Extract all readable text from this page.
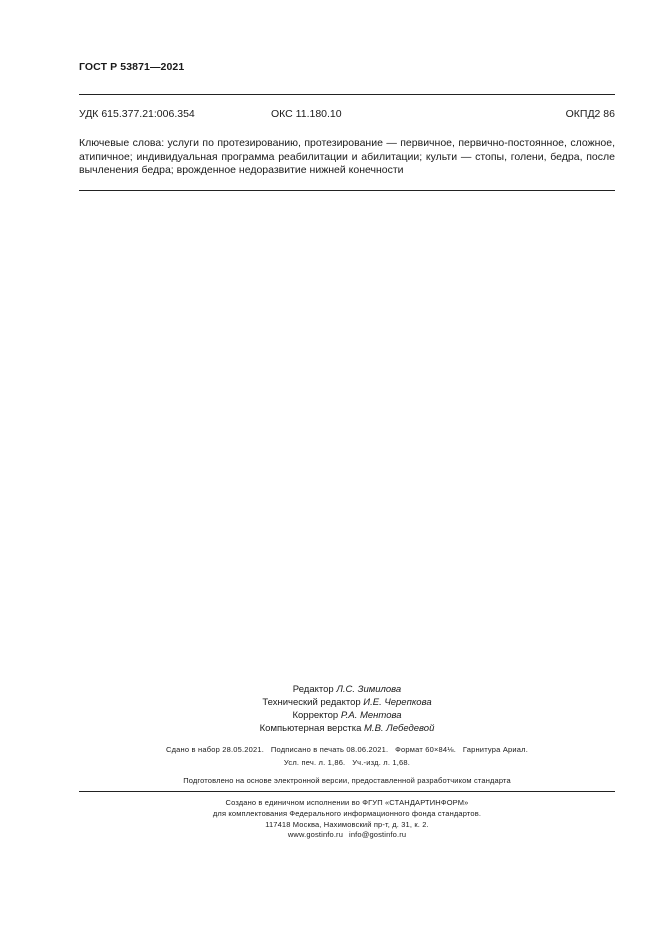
ГОСТ Р 53871—2021
УДК 615.377.21:006.354	ОКС 11.180.10	ОКПД2 86
Ключевые слова: услуги по протезированию, протезирование — первичное, первично-постоянное, сложное, атипичное; индивидуальная программа реабилитации и абилитации; культи — стопы, голени, бедра, после вычленения бедра; врожденное недоразвитие нижней конечности
Редактор Л.С. Зимилова
Технический редактор И.Е. Черепкова
Корректор Р.А. Ментова
Компьютерная верстка М.В. Лебедевой
Сдано в набор 28.05.2021.   Подписано в печать 08.06.2021.   Формат 60×84⅛.   Гарнитура Ариал.
Усл. печ. л. 1,86.   Уч.-изд. л. 1,68.
Подготовлено на основе электронной версии, предоставленной разработчиком стандарта
Создано в единичном исполнении во ФГУП «СТАНДАРТИНФОРМ»
для комплектования Федерального информационного фонда стандартов.
117418 Москва, Нахимовский пр-т, д. 31, к. 2.
www.gostinfo.ru info@gostinfo.ru
